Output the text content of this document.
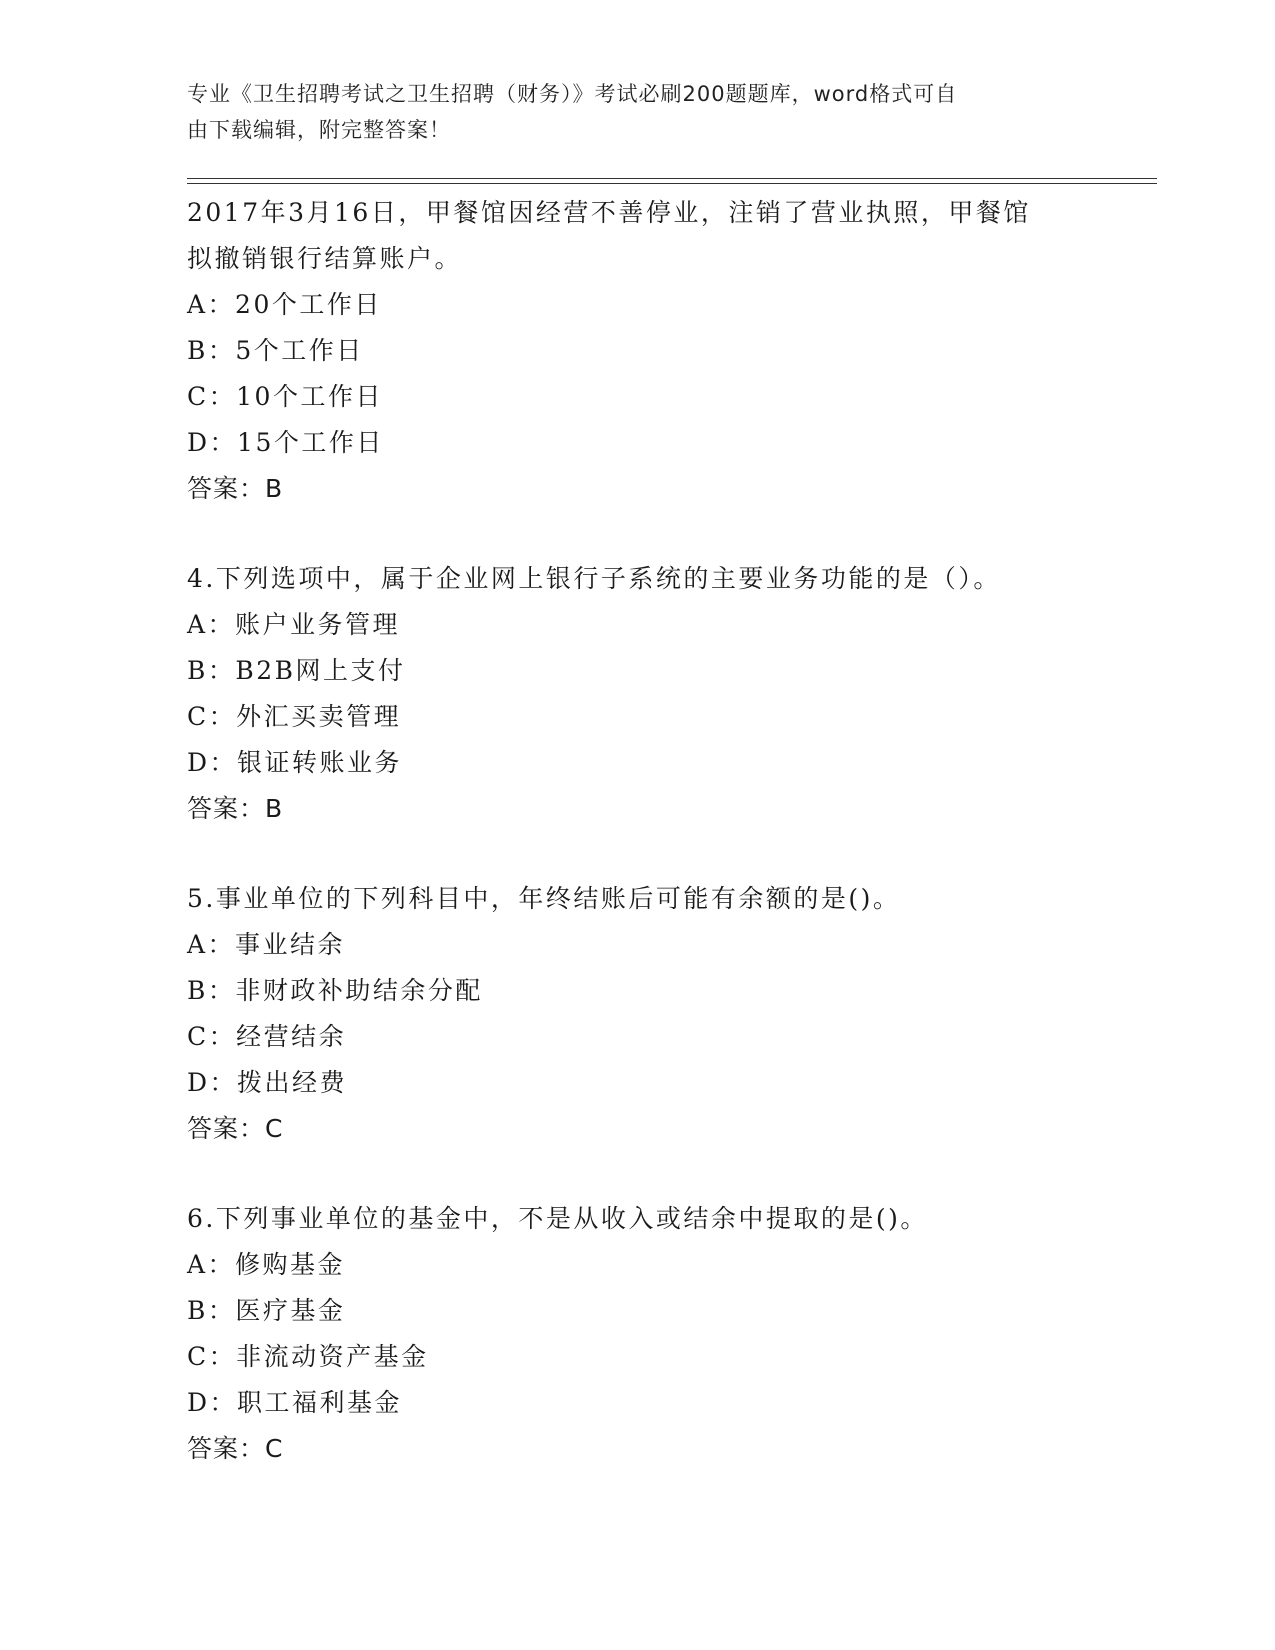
专业《卫生招聘考试之卫生招聘（财务）》考试必刷200题题库，word格式可自
由下载编辑，附完整答案！

2017年3月16日，甲餐馆因经营不善停业，注销了营业执照，甲餐馆

拟撤销银行结算账户。

A：20个工作日

B：5个工作日

C：10个工作日

D：15个工作日

答案：B

4.下列选项中，属于企业网上银行子系统的主要业务功能的是（）。

A：账户业务管理

B：B2B网上支付

C：外汇买卖管理

D：银证转账业务

答案：B

5.事业单位的下列科目中，年终结账后可能有余额的是()。

A：事业结余

B：非财政补助结余分配

C：经营结余

D：拨出经费

答案：C

6.下列事业单位的基金中，不是从收入或结余中提取的是()。

A：修购基金

B：医疗基金

C：非流动资产基金

D：职工福利基金

答案：C
